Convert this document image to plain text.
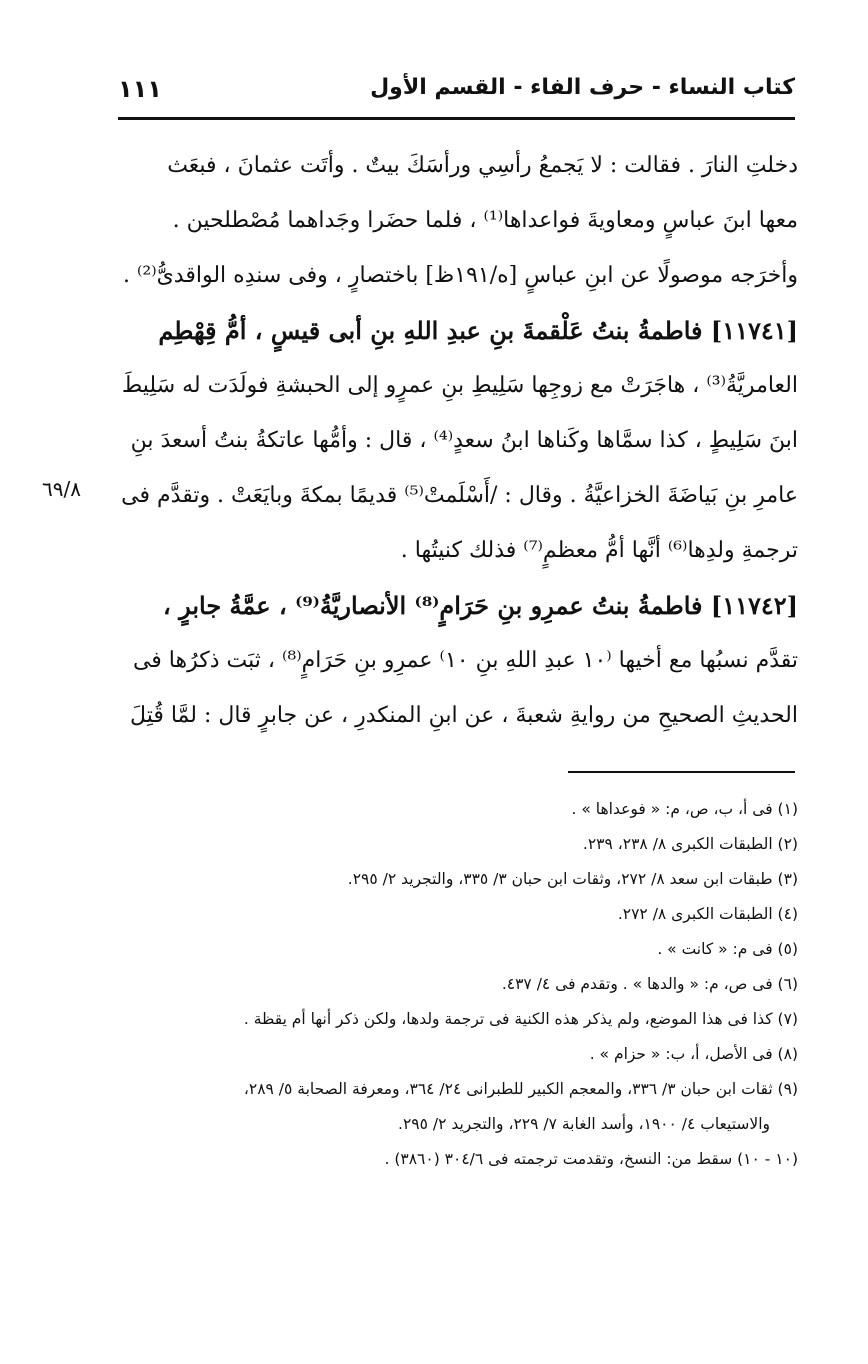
١١١	كتاب النساء - حرف الفاء - القسم الأول
دخلتِ النارَ . فقالت : لا يَجمعُ رأسِي ورأسَكَ بيتٌ . وأتَت عثمانَ ، فبعَث
معها ابنَ عباسٍ ومعاويةَ فواعداها⁽¹⁾ ، فلما حضَرا وجَداهما مُصْطلحين .
وأخرَجه موصولًا عن ابنِ عباسٍ [ه/١٩١ظ] باختصارٍ ، وفى سندِه الواقدىُّ⁽²⁾ .
[١١٧٤١] فاطمةُ بنتُ عَلْقمةَ بنِ عبدِ اللهِ بنِ أبى قيسٍ ، أمُّ قِهْطِم
العامريَّةُ⁽³⁾ ، هاجَرَتْ مع زوجِها سَلِيطِ بنِ عمرٍو إلى الحبشةِ فولَدَت له سَلِيطَ
ابنَ سَلِيطٍ ، كذا سمَّاها وكَناها ابنُ سعدٍ⁽⁴⁾ ، قال : وأمُّها عاتكةُ بنتُ أسعدَ بنِ
عامرِ بنِ بَياضَةَ الخزاعيَّةُ . وقال : /أَسْلَمتْ⁽⁵⁾ قديمًا بمكةَ وبايَعَتْ . وتقدَّم فى
ترجمةِ ولدِها⁽⁶⁾ أنَّها أمُّ معظمٍ⁽⁷⁾ فذلك كنيتُها .
[١١٧٤٢] فاطمةُ بنتُ عمرِو بنِ حَرَامٍ⁽⁸⁾ الأنصاريَّةُ⁽⁹⁾ ، عمَّةُ جابرٍ ،
تقدَّم نسبُها مع أخيها ⁽١٠ عبدِ اللهِ بنِ ١٠⁾ عمرِو بنِ حَرَامٍ⁽⁸⁾ ، ثبَت ذكرُها فى
الحديثِ الصحيحِ من روايةِ شعبةَ ، عن ابنِ المنكدرِ ، عن جابرٍ قال : لمَّا قُتِلَ
٦٩/٨
(١) فى أ، ب، ص، م: « فوعداها » .
(٢) الطبقات الكبرى ٨/ ٢٣٨، ٢٣٩.
(٣) طبقات ابن سعد ٨/ ٢٧٢، وثقات ابن حبان ٣/ ٣٣٥، والتجريد ٢/ ٢٩٥.
(٤) الطبقات الكبرى ٨/ ٢٧٢.
(٥) فى م: « كانت » .
(٦) فى ص، م: « والدها » . وتقدم فى ٤/ ٤٣٧.
(٧) كذا فى هذا الموضع، ولم يذكر هذه الكنية فى ترجمة ولدها، ولكن ذكر أنها أم يقظة .
(٨) فى الأصل، أ، ب: « حزام » .
(٩) ثقات ابن حبان ٣/ ٣٣٦، والمعجم الكبير للطبرانى ٢٤/ ٣٦٤، ومعرفة الصحابة ٥/ ٢٨٩،
والاستيعاب ٤/ ١٩٠٠، وأسد الغابة ٧/ ٢٢٩، والتجريد ٢/ ٢٩٥.
(١٠ - ١٠) سقط من: النسخ، وتقدمت ترجمته فى ٣٠٤/٦ (٣٨٦٠) .
